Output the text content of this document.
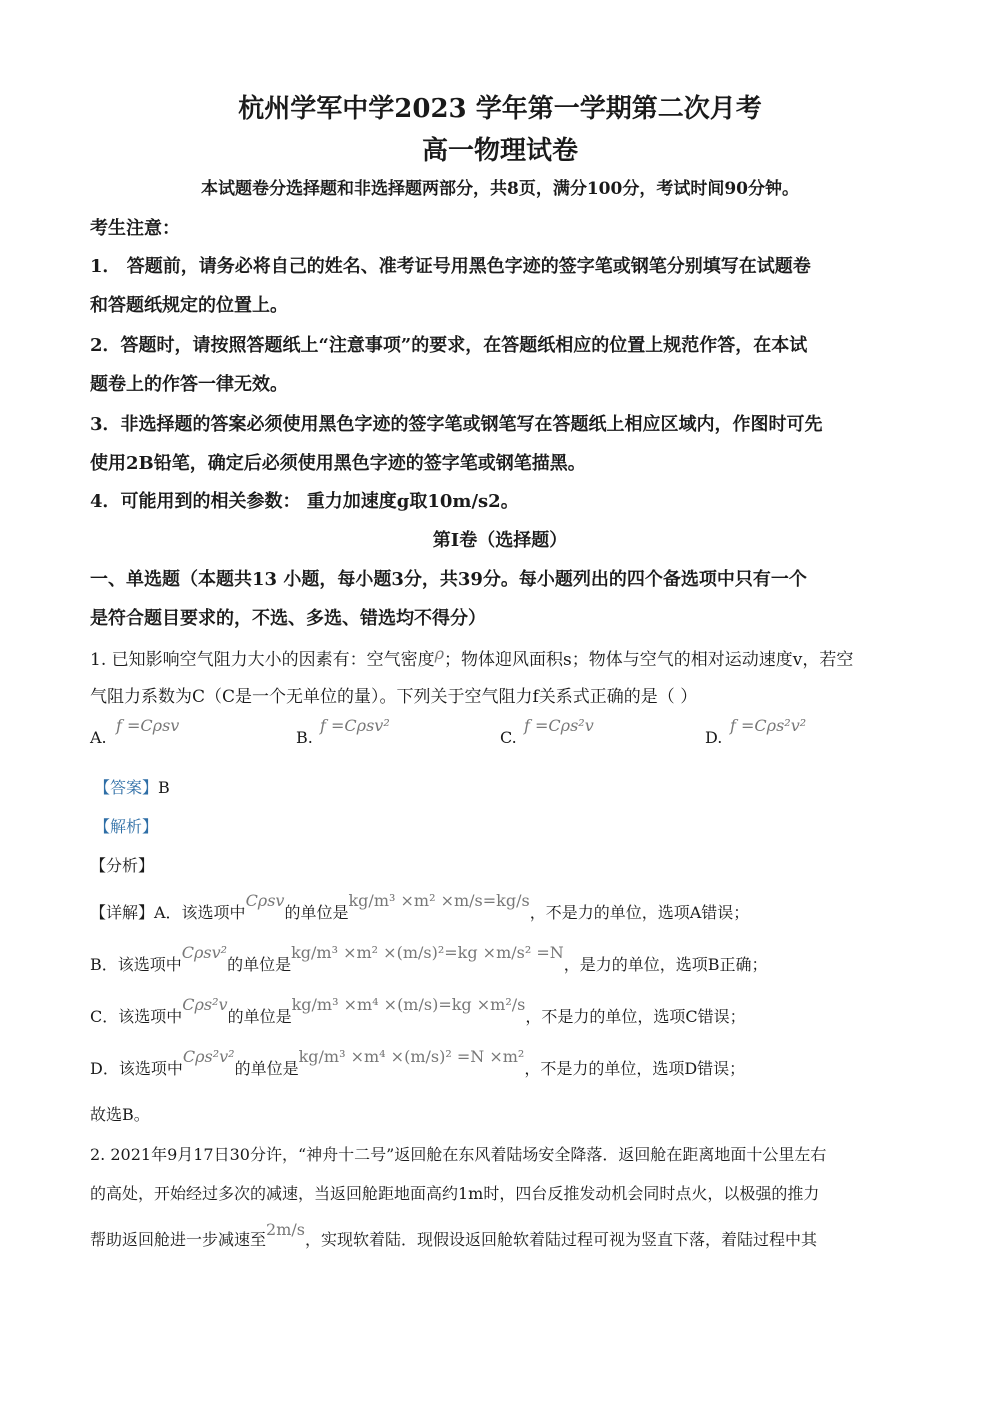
杭州学军中学2023 学年第一学期第二次月考
高一物理试卷
本试题卷分选择题和非选择题两部分，共8页，满分100分，考试时间90分钟。
考生注意：
1． 答题前，请务必将自己的姓名、准考证号用黑色字迹的签字笔或钢笔分别填写在试题卷
和答题纸规定的位置上。
2．答题时，请按照答题纸上“注意事项”的要求，在答题纸相应的位置上规范作答，在本试
题卷上的作答一律无效。
3．非选择题的答案必须使用黑色字迹的签字笔或钢笔写在答题纸上相应区域内，作图时可先
使用2B铅笔，确定后必须使用黑色字迹的签字笔或钢笔描黑。
4．可能用到的相关参数： 重力加速度g取10m/s2。
第Ⅰ卷（选择题）
一、单选题（本题共13 小题，每小题3分，共39分。每小题列出的四个备选项中只有一个
是符合题目要求的，不选、多选、错选均不得分）
1. 已知影响空气阻力大小的因素有：空气密度ρ；物体迎风面积s；物体与空气的相对运动速度v，若空
气阻力系数为C（C是一个无单位的量）。下列关于空气阻力f关系式正确的是（ ）
A.
f =Cρsv
B.
f =Cρsv²
C.
f =Cρs²v
D.
f =Cρs²v²
【答案】B
【解析】
【分析】
【详解】A．该选项中Cρsv的单位是kg/m³ ×m² ×m/s=kg/s，不是力的单位，选项A错误；
B．该选项中Cρsv²的单位是kg/m³ ×m² ×(m/s)²=kg ×m/s² =N，是力的单位，选项B正确；
C．该选项中Cρs²v的单位是kg/m³ ×m⁴ ×(m/s)=kg ×m²/s，不是力的单位，选项C错误；
D．该选项中Cρs²v²的单位是kg/m³ ×m⁴ ×(m/s)² =N ×m²，不是力的单位，选项D错误；
故选B。
2. 2021年9月17日30分许，“神舟十二号”返回舱在东风着陆场安全降落．返回舱在距离地面十公里左右
的高处，开始经过多次的减速，当返回舱距地面高约1m时，四台反推发动机会同时点火，以极强的推力
帮助返回舱进一步减速至2m/s，实现软着陆．现假设返回舱软着陆过程可视为竖直下落，着陆过程中其
